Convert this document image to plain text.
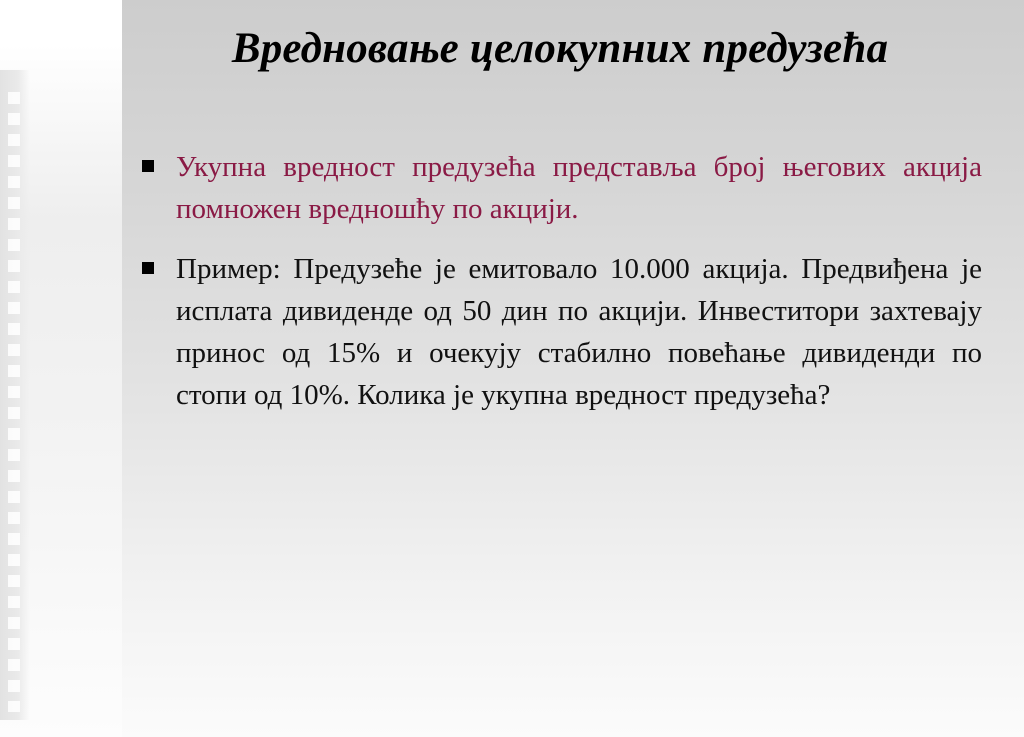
Вредновање целокупних предузећа
Укупна вредност предузећа представља број његових акција помножен вредношћу по акцији.
Пример: Предузеће је емитовало 10.000 акција. Предвиђена је исплата дивиденде од 50 дин по акцији. Инвеститори захтевају принос од 15% и очекују стабилно повећање дивиденди по стопи од 10%. Колика је укупна вредност предузећа?
